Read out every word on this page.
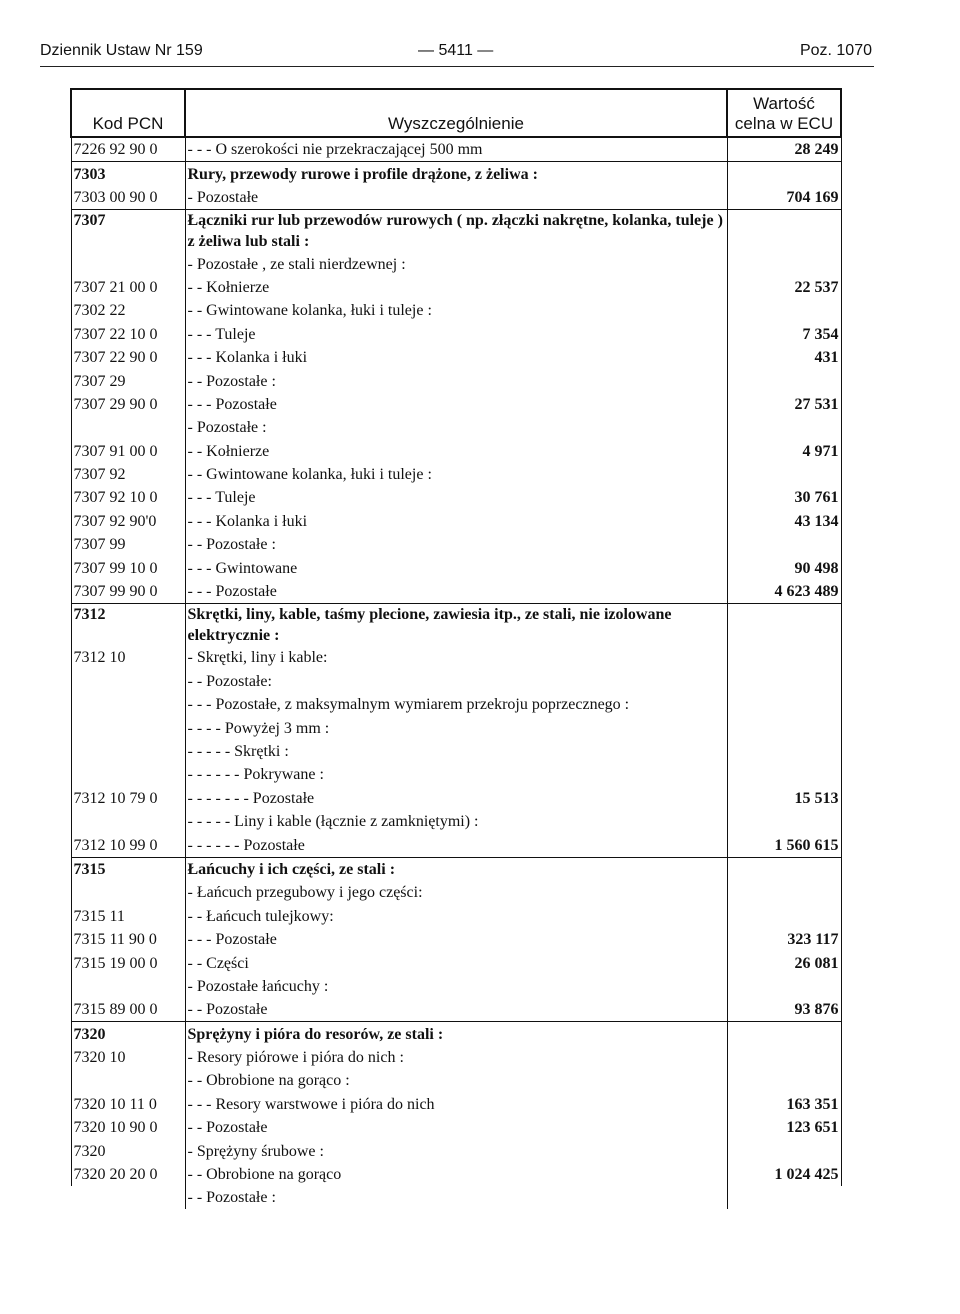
Dziennik Ustaw Nr 159	— 5411 —	Poz. 1070
Kod PCN	Wyszczególnienie	Wartość
celna w ECU

7226 92 90 0	- - - O szerokości nie przekraczającej 500 mm	28 249
7303	Rury, przewody rurowe i profile drążone, z żeliwa :	
7303 00 90 0	- Pozostałe	704 169
7307	Łączniki rur lub przewodów rurowych ( np. złączki nakrętne, kolanka, tuleje ) z żeliwa lub stali :	
	- Pozostałe , ze stali nierdzewnej :	
7307 21 00 0	- - Kołnierze	22 537
7302 22	- - Gwintowane kolanka, łuki i tuleje :	
7307 22 10 0	- - - Tuleje	7 354
7307 22 90 0	- - - Kolanka i łuki	431
7307 29	- - Pozostałe :	
7307 29 90 0	- - - Pozostałe	27 531
	- Pozostałe :	
7307 91 00 0	- - Kołnierze	4 971
7307 92	- - Gwintowane kolanka, łuki i tuleje :	
7307 92 10 0	- - - Tuleje	30 761
7307 92 90'0	- - - Kolanka i łuki	43 134
7307 99	- - Pozostałe :	
7307 99 10 0	- - - Gwintowane	90 498
7307 99 90 0	- - - Pozostałe	4 623 489
7312	Skrętki, liny, kable, taśmy plecione, zawiesia itp., ze stali, nie izolowane elektrycznie :	
7312 10	- Skrętki, liny i kable:	
	- - Pozostałe:	
	- - - Pozostałe, z maksymalnym wymiarem przekroju poprzecznego :	
	- - - - Powyżej 3 mm :	
	- - - - - Skrętki :	
	- - - - - - Pokrywane :	
7312 10 79 0	- - - - - - - Pozostałe	15 513
	- - - - - Liny i kable (łącznie z zamkniętymi) :	
7312 10 99 0	- - - - - - Pozostałe	1 560 615
7315	Łańcuchy i ich części, ze stali :	
	- Łańcuch przegubowy i jego części:	
7315 11	- - Łańcuch tulejkowy:	
7315 11 90 0	- - - Pozostałe	323 117
7315 19 00 0	- - Części	26 081
	- Pozostałe łańcuchy :	
7315 89 00 0	- - Pozostałe	93 876
7320	Sprężyny i pióra do resorów, ze stali :	
7320 10	- Resory piórowe i pióra do nich :	
	- - Obrobione na gorąco :	
7320 10 11 0	- - - Resory warstwowe i pióra do nich	163 351
7320 10 90 0	- - Pozostałe	123 651
7320	- Sprężyny śrubowe :	
7320 20 20 0	- - Obrobione na gorąco	1 024 425
	- - Pozostałe :	
